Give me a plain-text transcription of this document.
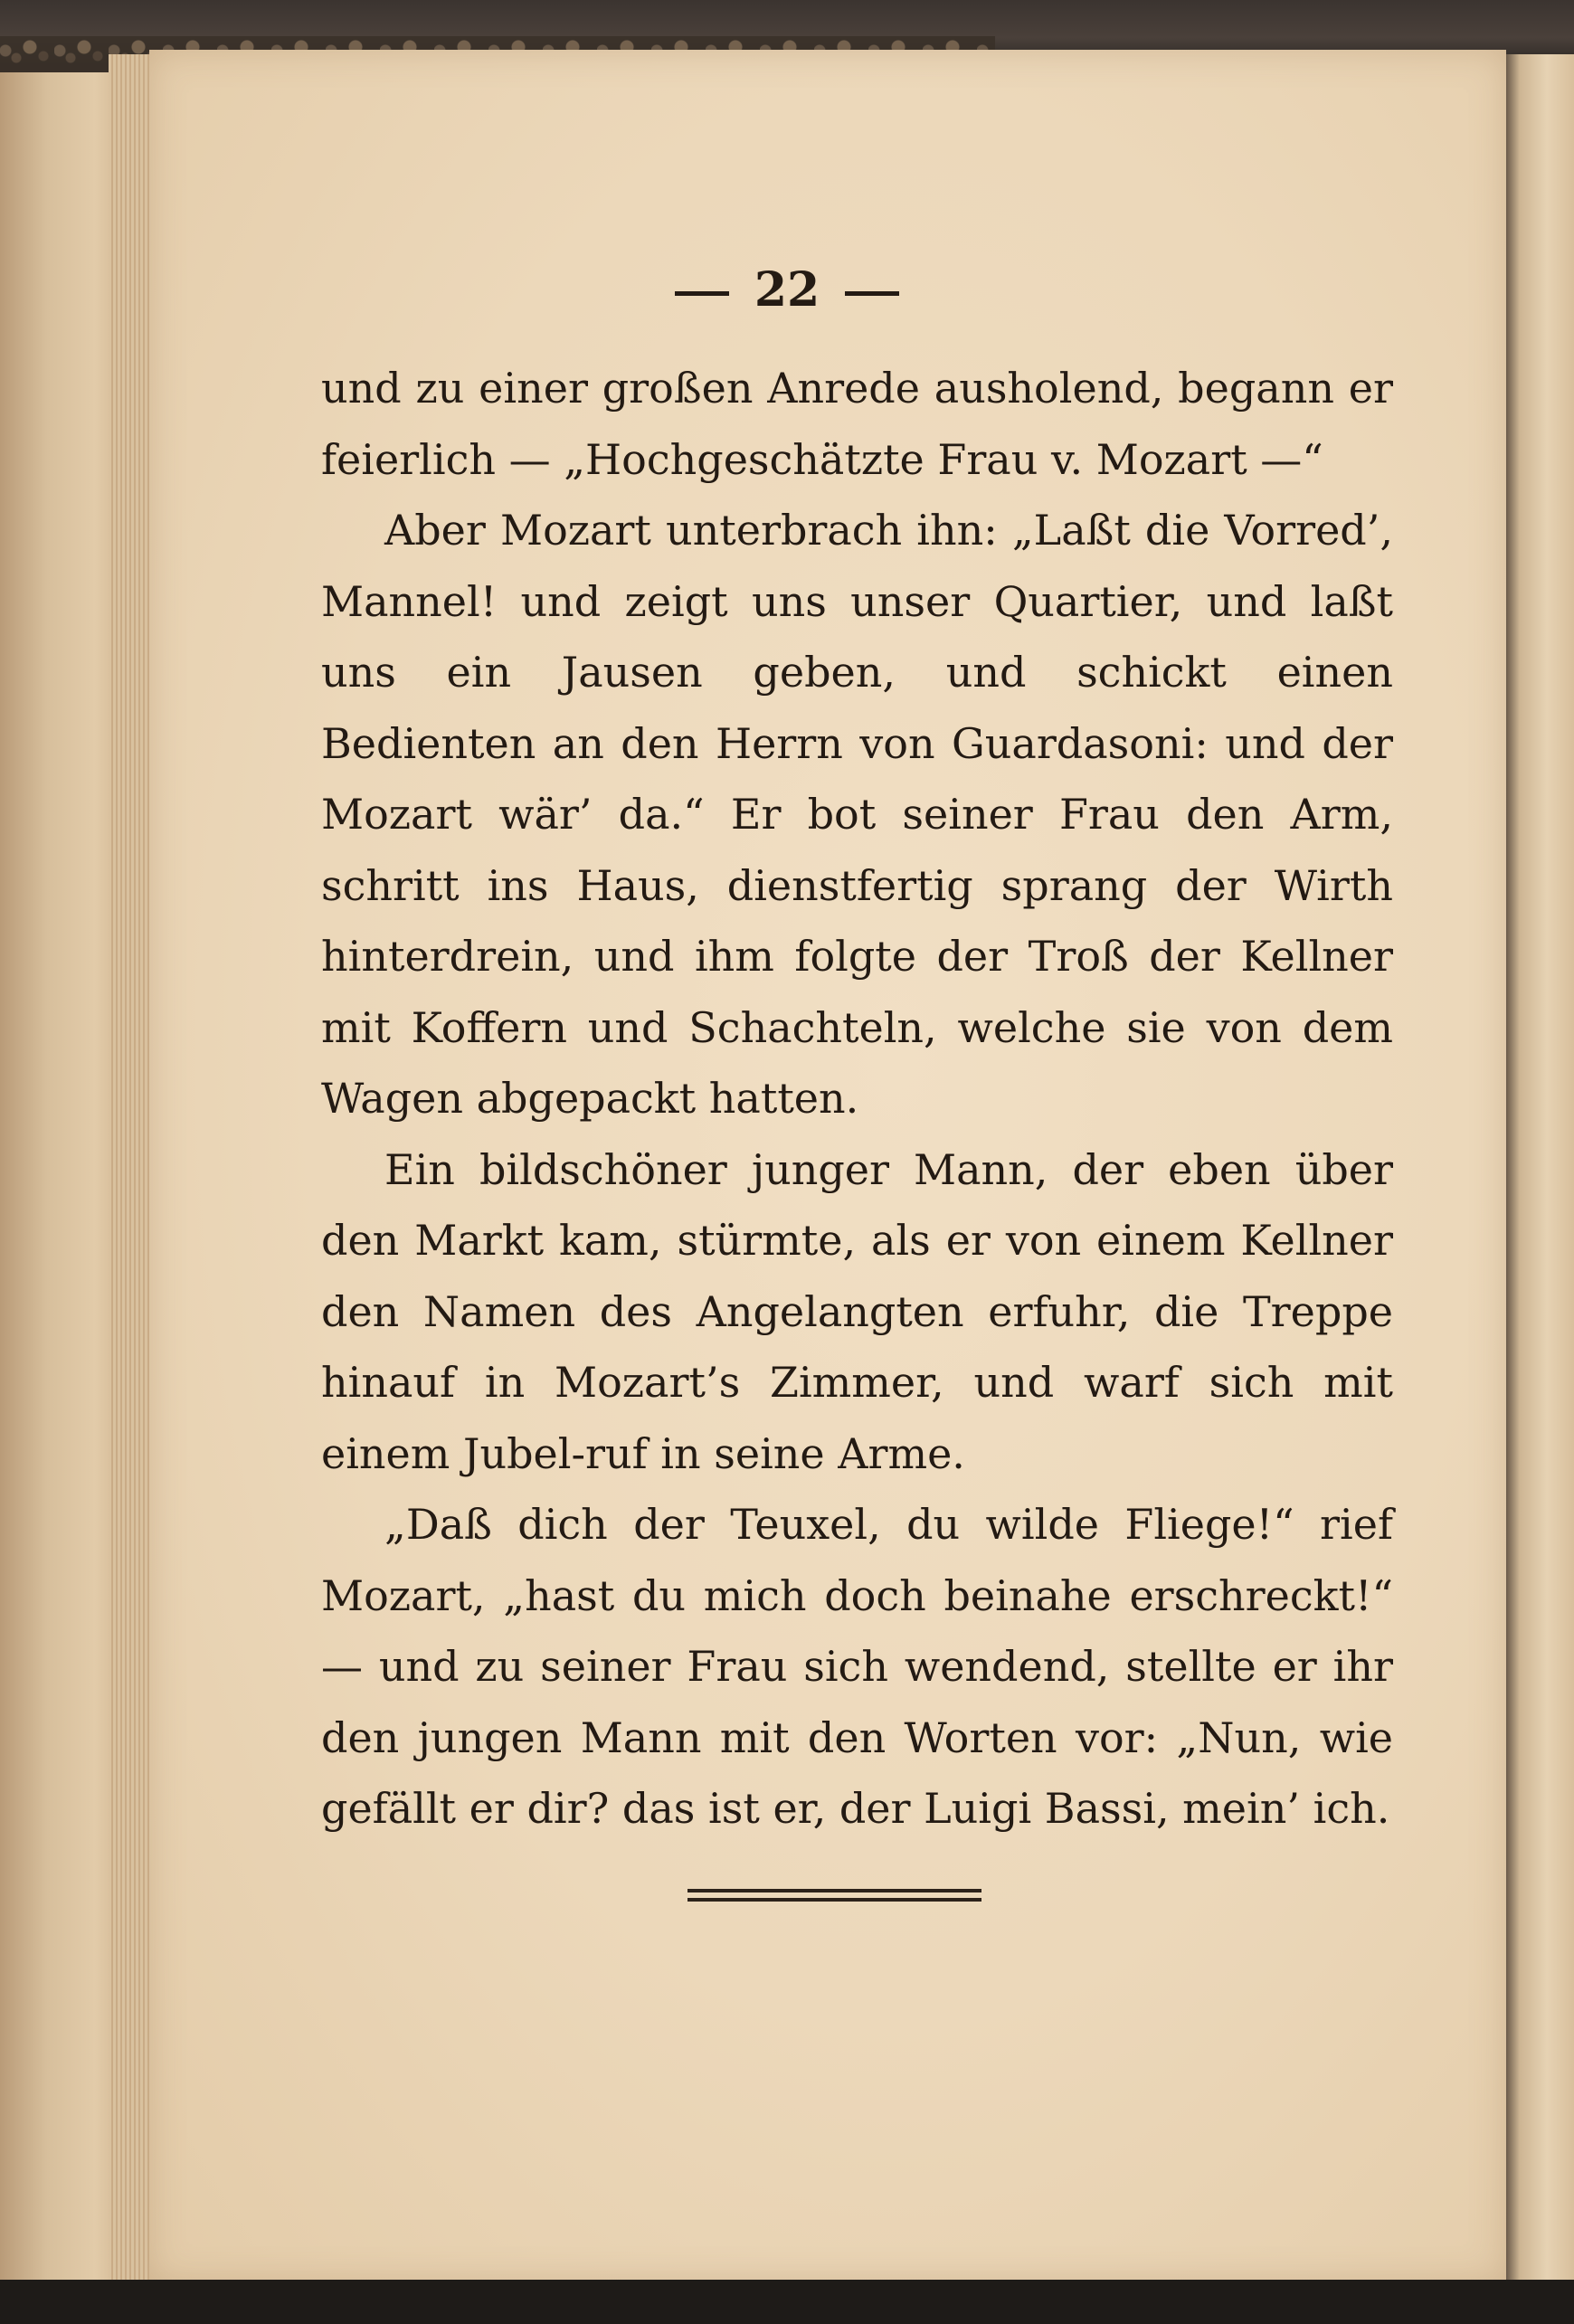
22

und zu einer großen Anrede ausholend, begann er feierlich — „Hochgeschätzte Frau v. Mozart —“

Aber Mozart unterbrach ihn: „Laßt die Vorred’, Mannel! und zeigt uns unser Quartier, und laßt uns ein Jausen geben, und schickt einen Bedienten an den Herrn von Guardasoni: und der Mozart wär’ da.“ Er bot seiner Frau den Arm, schritt ins Haus, dienstfertig sprang der Wirth hinterdrein, und ihm folgte der Troß der Kellner mit Koffern und Schachteln, welche sie von dem Wagen abgepackt hatten.

Ein bildschöner junger Mann, der eben über den Markt kam, stürmte, als er von einem Kellner den Namen des Angelangten erfuhr, die Treppe hinauf in Mozart’s Zimmer, und warf sich mit einem Jubel-ruf in seine Arme.

„Daß dich der Teuxel, du wilde Fliege!“ rief Mozart, „hast du mich doch beinahe erschreckt!“ — und zu seiner Frau sich wendend, stellte er ihr den jungen Mann mit den Worten vor: „Nun, wie gefällt er dir? das ist er, der Luigi Bassi, mein’ ich.
